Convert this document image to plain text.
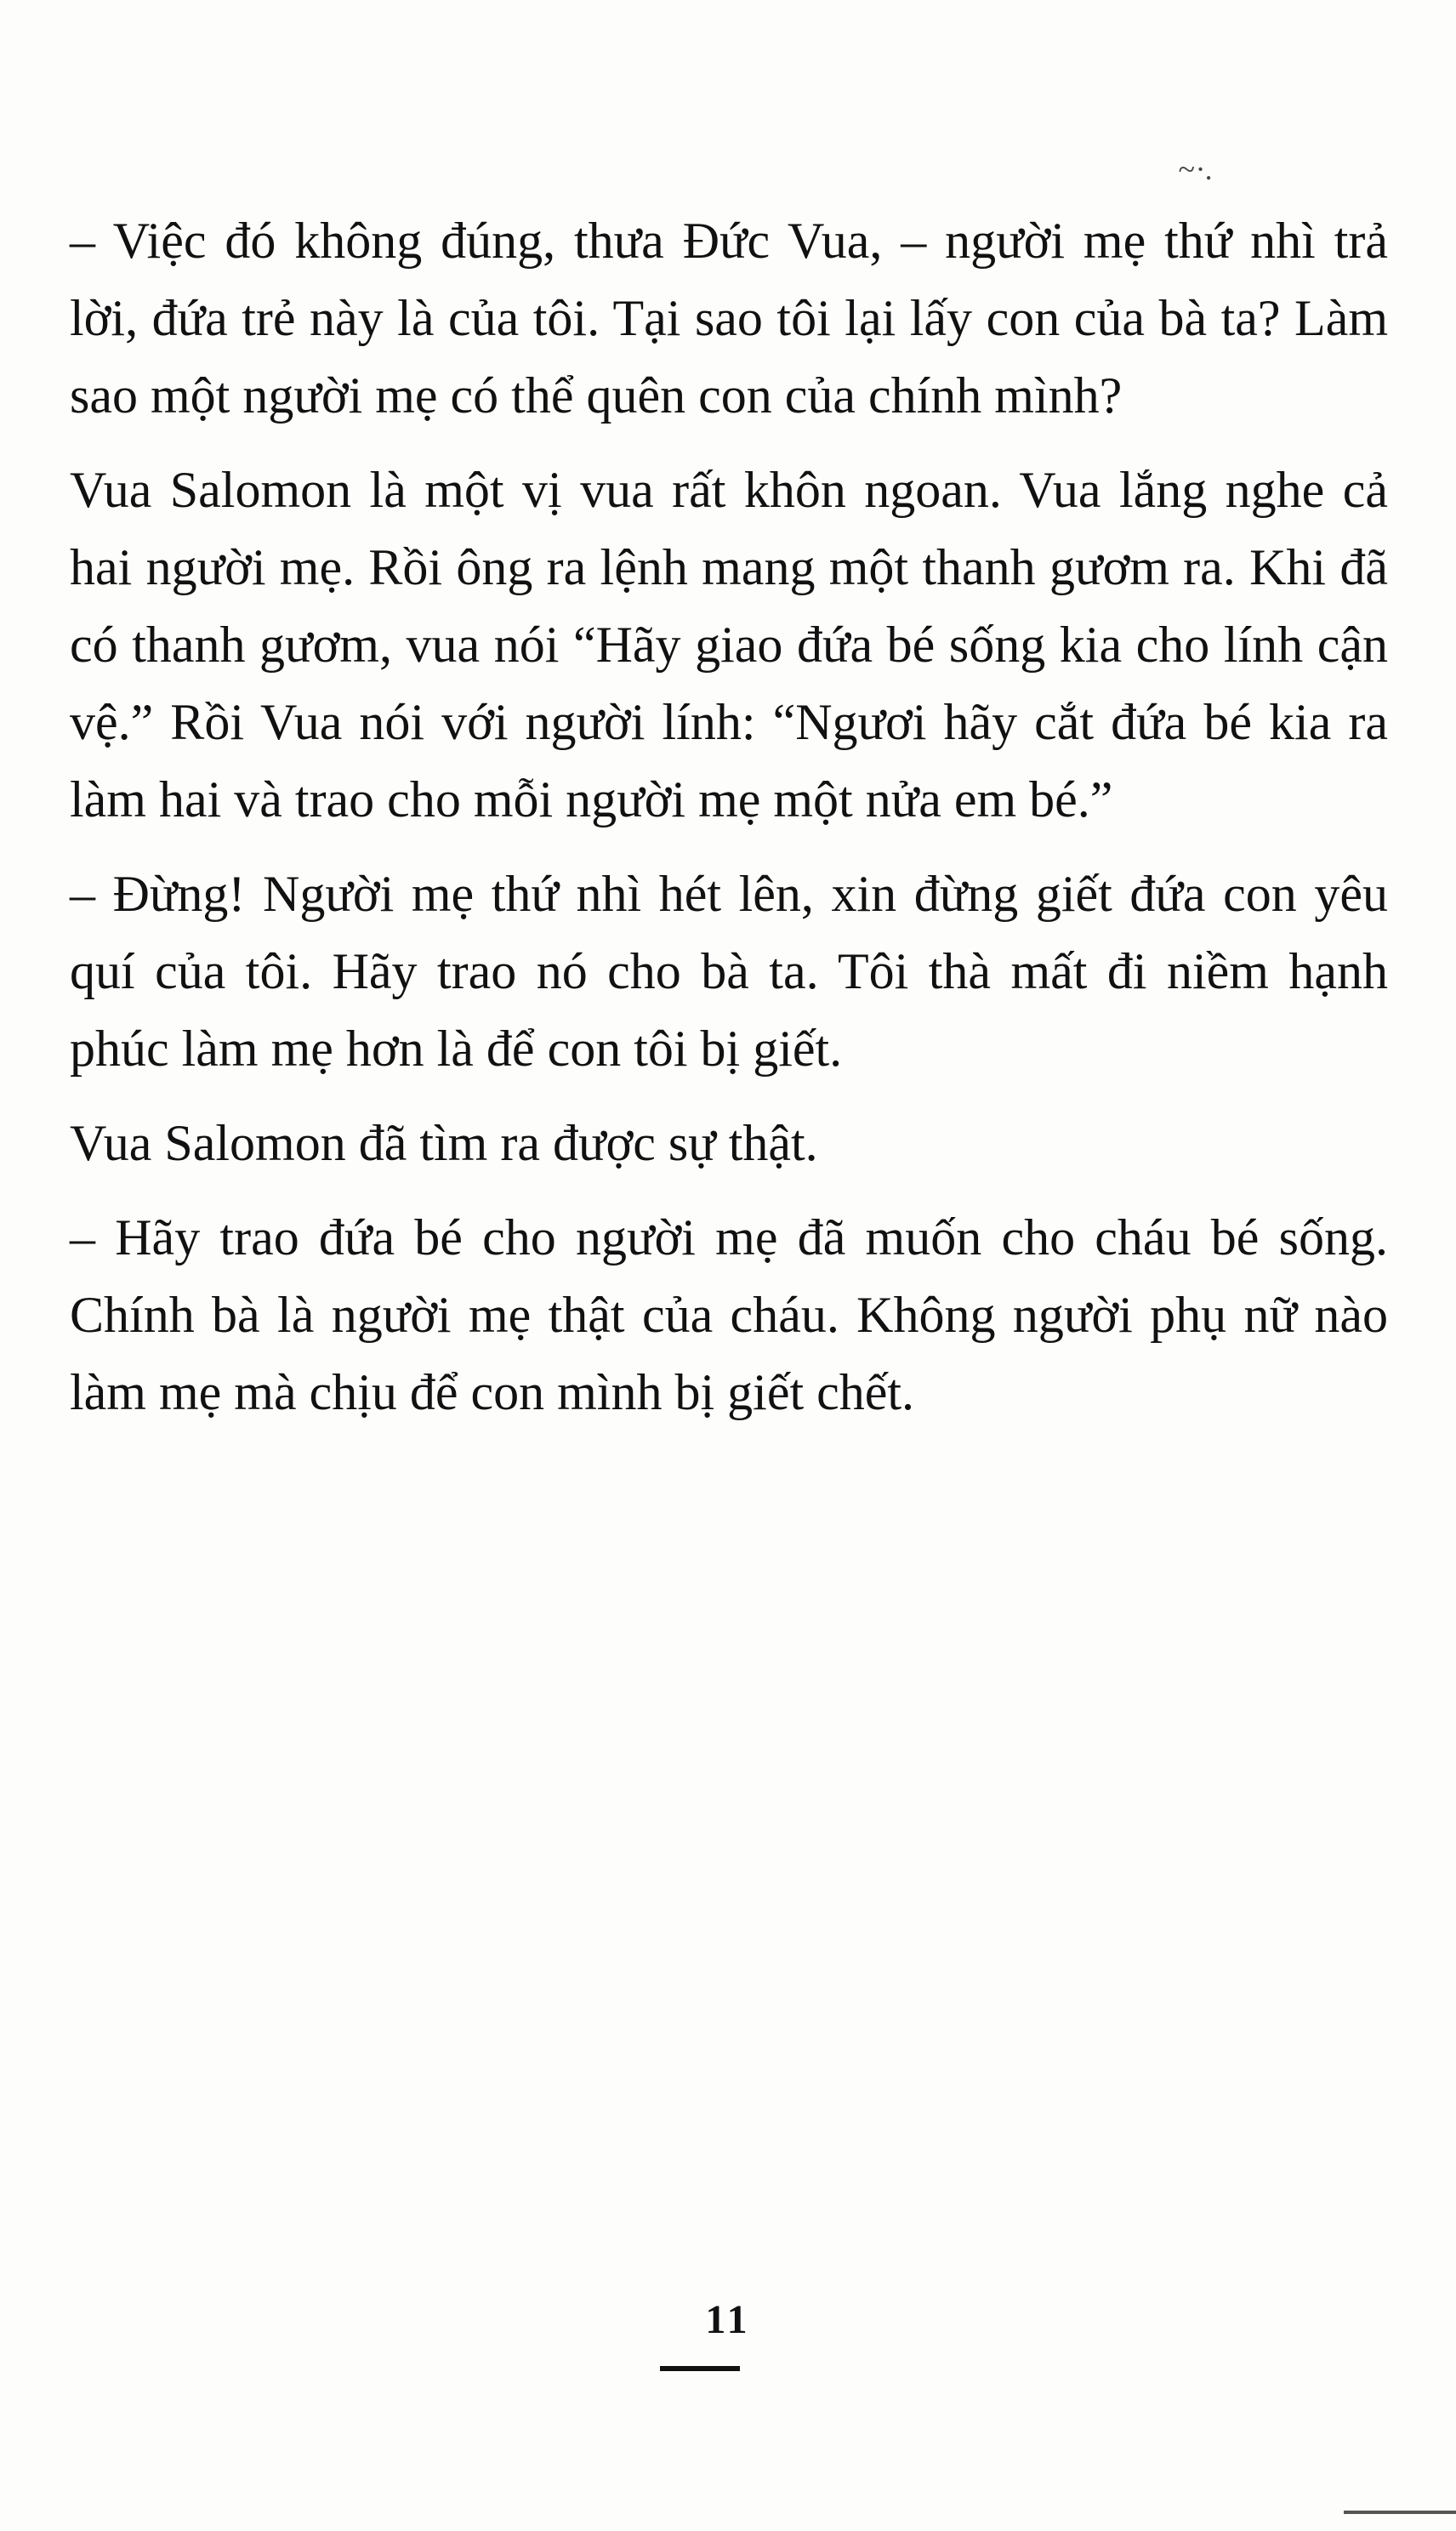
~·.

– Việc đó không đúng, thưa Đức Vua, – người mẹ thứ nhì trả lời, đứa trẻ này là của tôi. Tại sao tôi lại lấy con của bà ta? Làm sao một người mẹ có thể quên con của chính mình?

Vua Salomon là một vị vua rất khôn ngoan. Vua lắng nghe cả hai người mẹ. Rồi ông ra lệnh mang một thanh gươm ra. Khi đã có thanh gươm, vua nói “Hãy giao đứa bé sống kia cho lính cận vệ.” Rồi Vua nói với người lính: “Ngươi hãy cắt đứa bé kia ra làm hai và trao cho mỗi người mẹ một nửa em bé.”

– Đừng! Người mẹ thứ nhì hét lên, xin đừng giết đứa con yêu quí của tôi. Hãy trao nó cho bà ta. Tôi thà mất đi niềm hạnh phúc làm mẹ hơn là để con tôi bị giết.

Vua Salomon đã tìm ra được sự thật.

– Hãy trao đứa bé cho người mẹ đã muốn cho cháu bé sống. Chính bà là người mẹ thật của cháu. Không người phụ nữ nào làm mẹ mà chịu để con mình bị giết chết.

11
